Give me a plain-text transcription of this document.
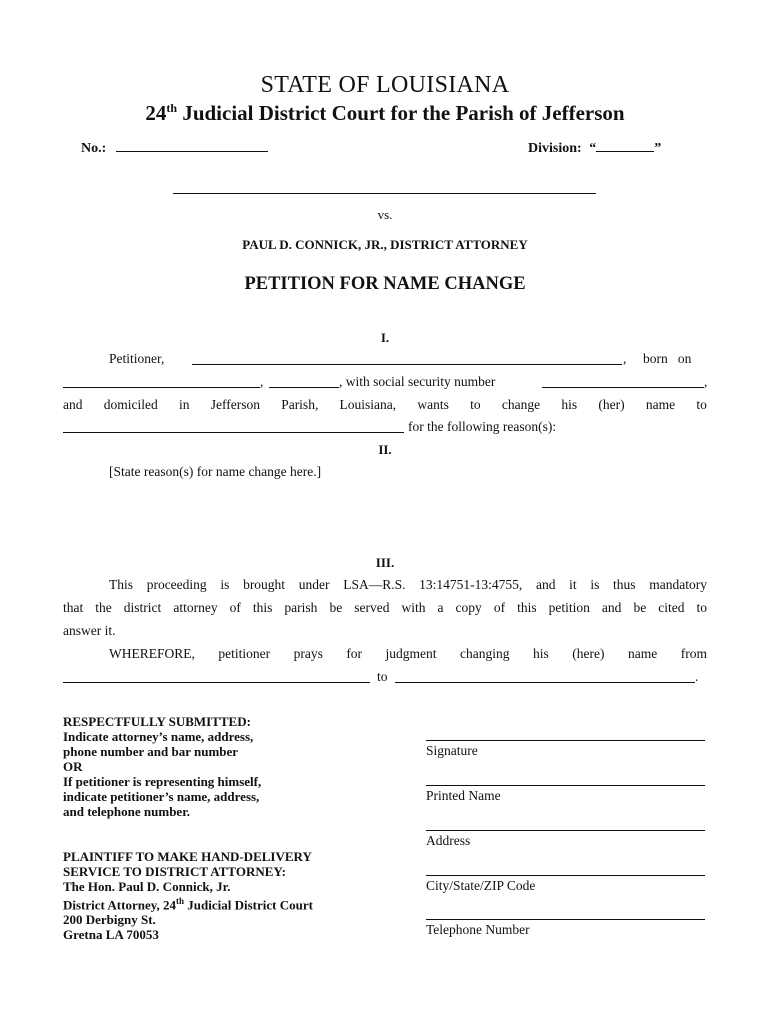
STATE OF LOUISIANA
24th Judicial District Court for the Parish of Jefferson
No.:	Division: “	”
vs.
PAUL D. CONNICK, JR., DISTRICT ATTORNEY
PETITION FOR NAME CHANGE
I.
Petitioner,	, born   on
,	, with social security number	,
and domiciled in Jefferson Parish, Louisiana, wants to change his (her) name to
for the following reason(s):
II.
[State reason(s) for name change here.]
III.
This proceeding is brought under LSA—R.S. 13:14751-13:4755, and it is thus mandatory
that the district attorney of this parish be served with a copy of this petition and be cited to
answer it.
WHEREFORE, petitioner prays for judgment changing his (here) name from
to	.
RESPECTFULLY SUBMITTED:
Indicate attorney’s name, address,
phone number and bar number
OR
If petitioner is representing himself,
indicate petitioner’s name, address,
and telephone number.
PLAINTIFF TO MAKE HAND-DELIVERY
SERVICE TO DISTRICT ATTORNEY:
The Hon. Paul D. Connick, Jr.
District Attorney, 24th Judicial District Court
200 Derbigny St.
Gretna LA 70053
Signature
Printed Name
Address
City/State/ZIP Code
Telephone Number
